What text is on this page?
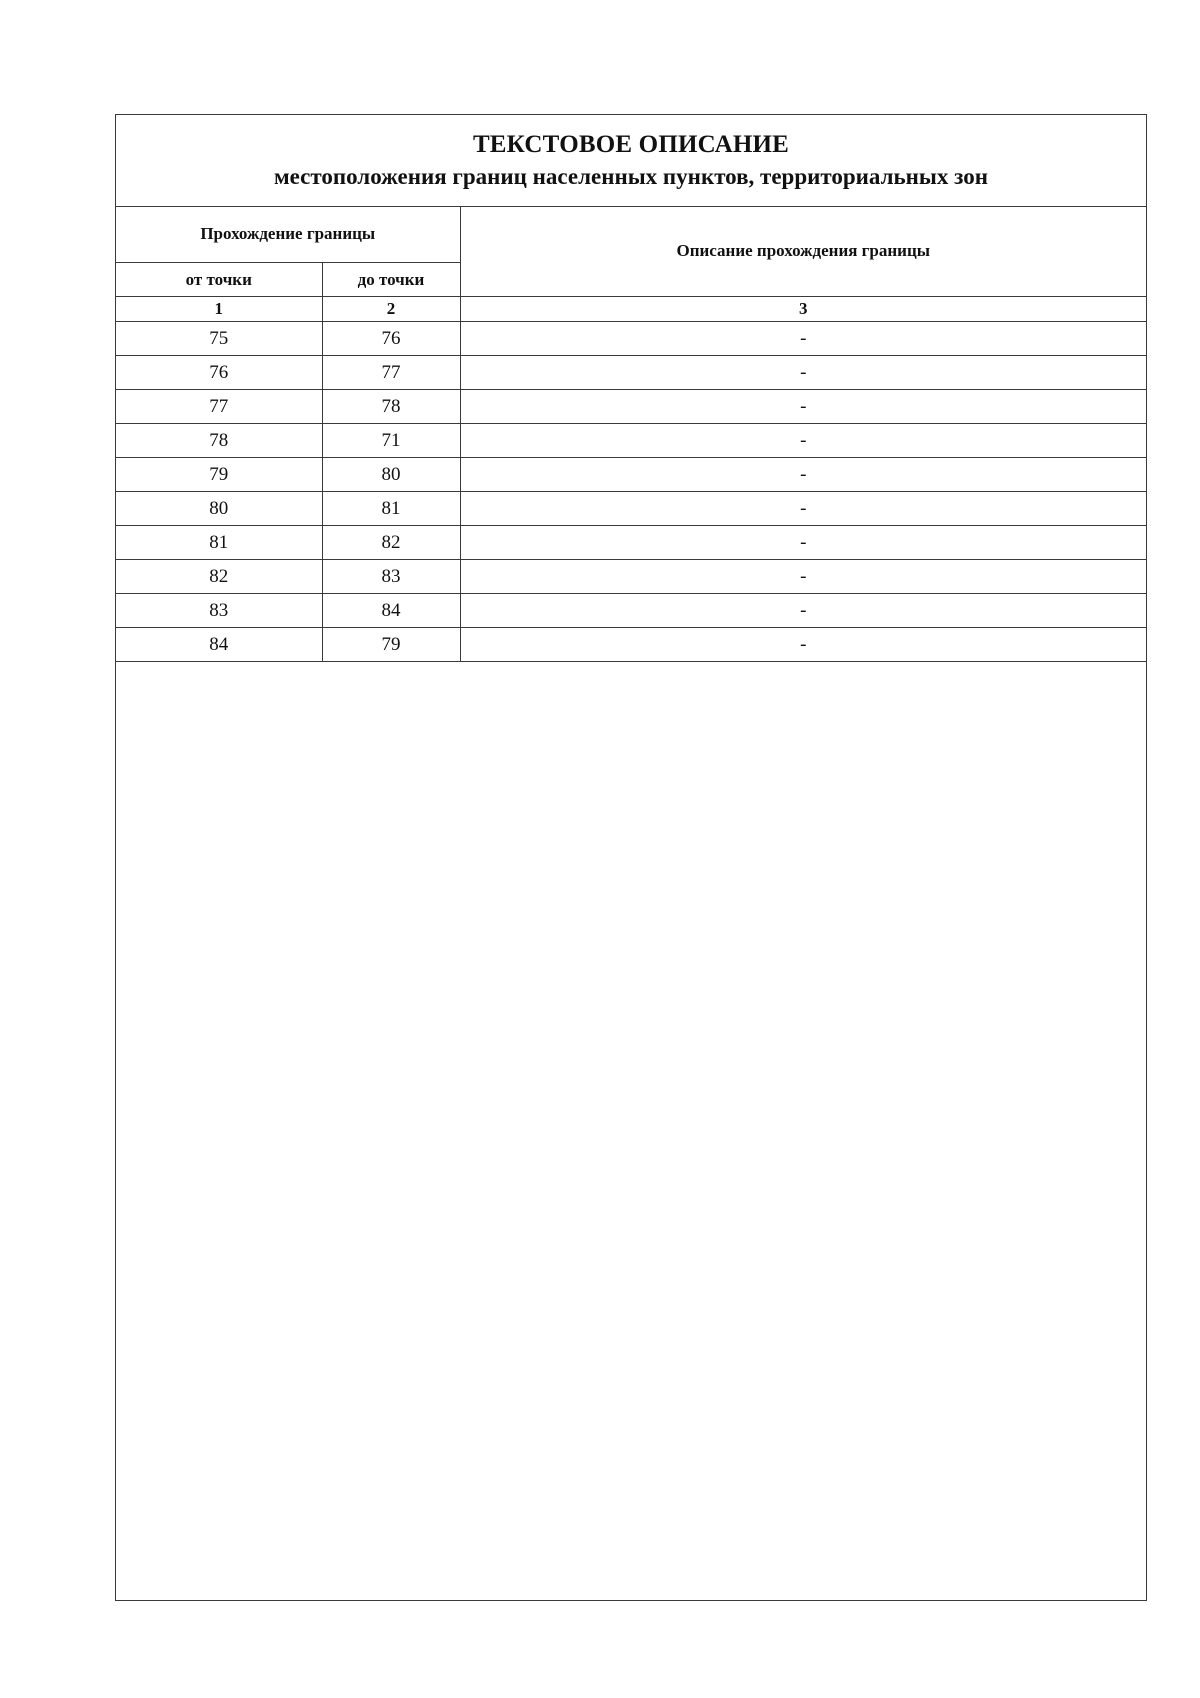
ТЕКСТОВОЕ ОПИСАНИЕ
местоположения границ населенных пунктов, территориальных зон
Прохождение границы		Описание прохождения границы
от точки	до точки	
1	2	3
75	76	-
76	77	-
77	78	-
78	71	-
79	80	-
80	81	-
81	82	-
82	83	-
83	84	-
84	79	-
